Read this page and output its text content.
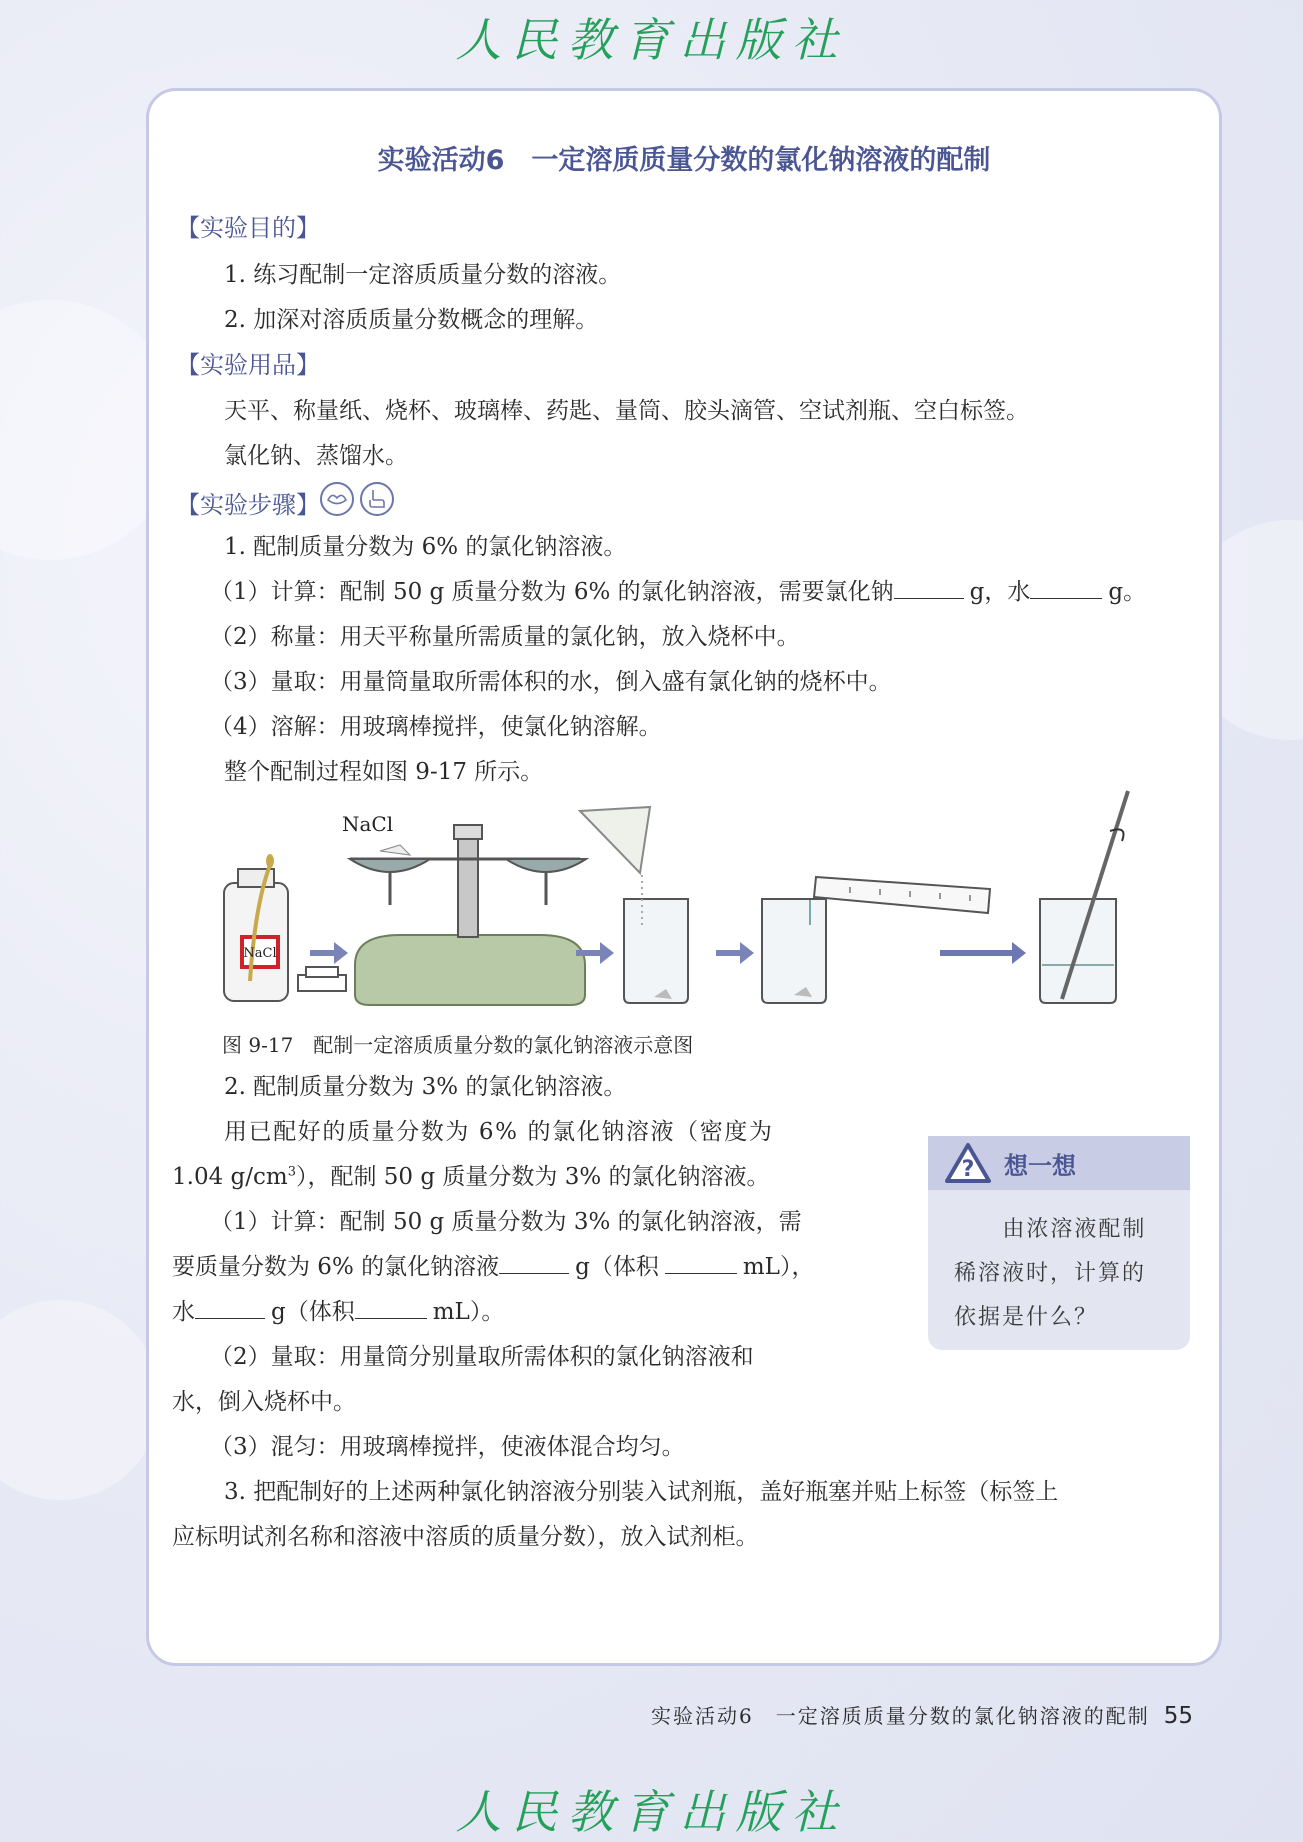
人民教育出版社
实验活动6　一定溶质质量分数的氯化钠溶液的配制
【实验目的】
1. 练习配制一定溶质质量分数的溶液。
2. 加深对溶质质量分数概念的理解。
【实验用品】
天平、称量纸、烧杯、玻璃棒、药匙、量筒、胶头滴管、空试剂瓶、空白标签。
氯化钠、蒸馏水。
【实验步骤】
1. 配制质量分数为 6% 的氯化钠溶液。
（1）计算：配制 50 g 质量分数为 6% 的氯化钠溶液，需要氯化钠	g，水	g。
（2）称量：用天平称量所需质量的氯化钠，放入烧杯中。
（3）量取：用量筒量取所需体积的水，倒入盛有氯化钠的烧杯中。
（4）溶解：用玻璃棒搅拌，使氯化钠溶解。
整个配制过程如图 9-17 所示。
NaCl
NaCl
图 9-17　配制一定溶质质量分数的氯化钠溶液示意图
2. 配制质量分数为 3% 的氯化钠溶液。
用已配好的质量分数为 6% 的氯化钠溶液（密度为
1.04 $g/cm^3$），配制 50 g 质量分数为 3% 的氯化钠溶液。
（1）计算：配制 50 g 质量分数为 3% 的氯化钠溶液，需
要质量分数为 6% 的氯化钠溶液	g（体积	mL），
水	g（体积	mL）。
（2）量取：用量筒分别量取所需体积的氯化钠溶液和
水，倒入烧杯中。
（3）混匀：用玻璃棒搅拌，使液体混合均匀。
3. 把配制好的上述两种氯化钠溶液分别装入试剂瓶，盖好瓶塞并贴上标签（标签上
应标明试剂名称和溶液中溶质的质量分数），放入试剂柜。
? 想一想
由浓溶液配制
稀溶液时，计算的
依据是什么？
实验活动6　一定溶质质量分数的氯化钠溶液的配制 55
人民教育出版社
